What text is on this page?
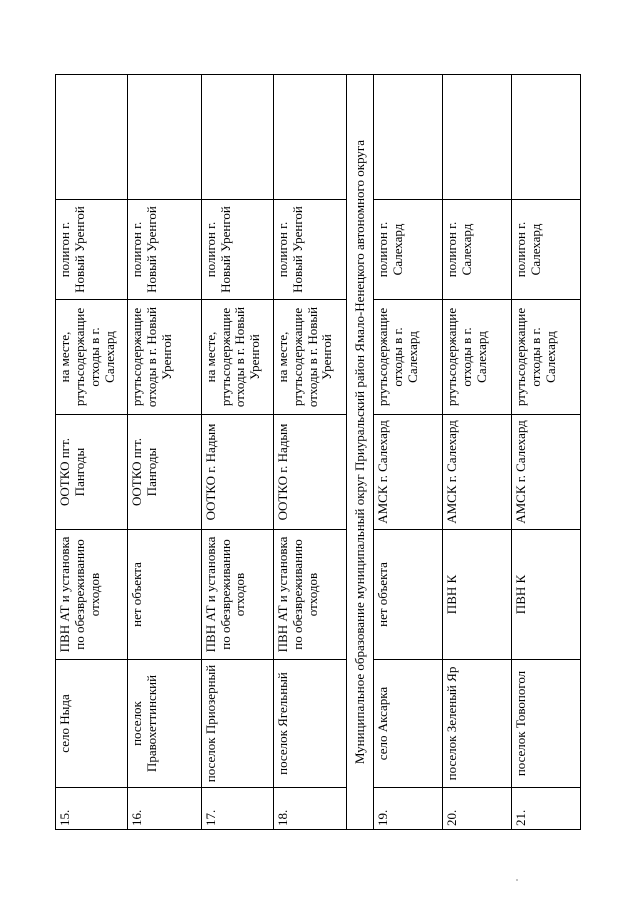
15.	село Ныда	ПВН АТ и установка по обезвреживанию отходов	ООТКО пгт. Пангоды	на месте, ртутьсодержащие отходы в г. Салехард	полигон г. Новый Уренгой	
16.	поселок Правохеттинский	нет объекта	ООТКО пгт. Пангоды	ртутьсодержащие отходы в г. Новый Уренгой	полигон г. Новый Уренгой	
17.	поселок Приозерный	ПВН АТ и установка по обезвреживанию отходов	ООТКО г. Надым	на месте, ртутьсодержащие отходы в г. Новый Уренгой	полигон г. Новый Уренгой	
18.	поселок Ягельный	ПВН АТ и установка по обезвреживанию отходов	ООТКО г. Надым	на месте, ртутьсодержащие отходы в г. Новый Уренгой	полигон г. Новый Уренгой	
Муниципальное образование муниципальный округ Приуральский район Ямало-Ненецкого автономного округа						
19.	село Аксарка	нет объекта	АМСК г. Салехард	ртутьсодержащие отходы в г. Салехард	полигон г. Салехард	
20.	поселок Зеленый Яр	ПВН К	АМСК г. Салехард	ртутьсодержащие отходы в г. Салехард	полигон г. Салехард	
21.	поселок Товопогол	ПВН К	АМСК г. Салехард	ртутьсодержащие отходы в г. Салехард	полигон г. Салехард	
